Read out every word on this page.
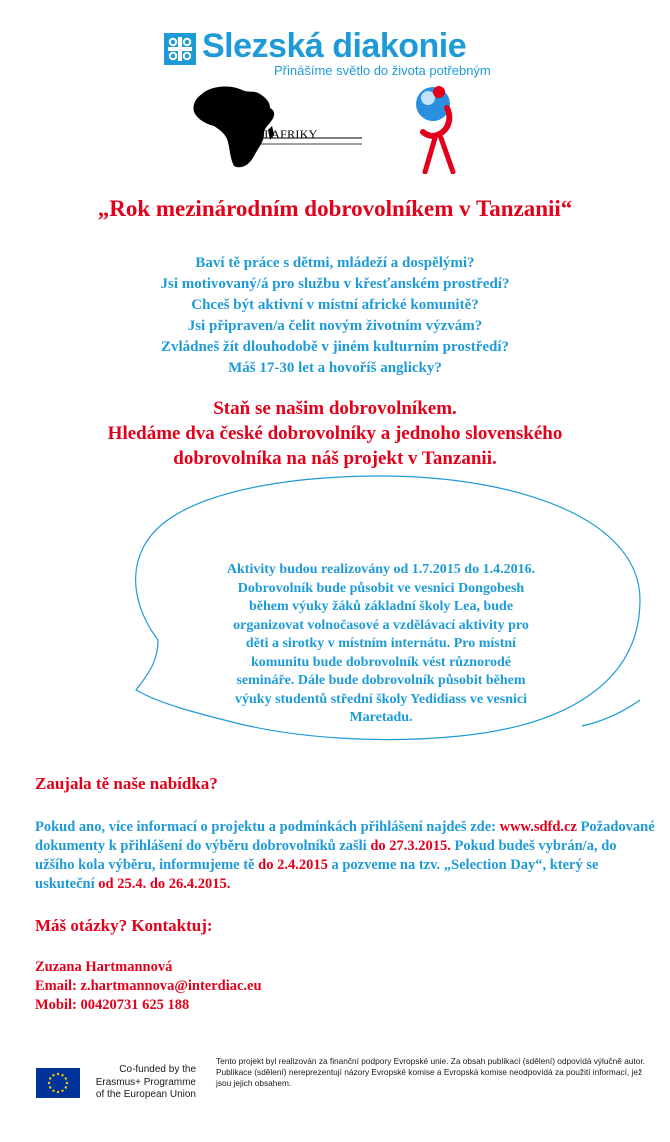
Slezská diakonie
Přinášíme světlo do života potřebným
DĚTI AFRIKY
„Rok mezinárodním dobrovolníkem v Tanzanii“
Baví tě práce s dětmi, mládeží a dospělými?
Jsi motivovaný/á pro službu v křesťanském prostředí?
Chceš být aktivní v místní africké komunitě?
Jsi připraven/a čelit novým životním výzvám?
Zvládneš žít dlouhodobě v jiném kulturním prostředí?
Máš 17-30 let a hovoříš anglicky?
Staň se našim dobrovolníkem.
Hledáme dva české dobrovolníky a jednoho slovenského
dobrovolníka na náš projekt v Tanzanii.
Aktivity budou realizovány od 1.7.2015 do 1.4.2016.
Dobrovolník bude působit ve vesnici Dongobesh
během výuky žáků základní školy Lea, bude
organizovat volnočasové a vzdělávací aktivity pro
děti a sirotky v místním internátu. Pro místní
komunitu bude dobrovolník vést různorodé
semináře. Dále bude dobrovolník působit během
výuky studentů střední školy Yedidiass ve vesnici
Maretadu.
Zaujala tě naše nabídka?
Pokud ano, více informací o projektu a podmínkách přihlášení najdeš zde: www.sdfd.cz Požadované dokumenty k přihlášení do výběru dobrovolníků zašli do 27.3.2015. Pokud budeš vybrán/a, do užšího kola výběru, informujeme tě do 2.4.2015 a pozveme na tzv. „Selection Day“, který se uskuteční od 25.4. do 26.4.2015.
Máš otázky? Kontaktuj:
Zuzana Hartmannová
Email: z.hartmannova@interdiac.eu
Mobil: 00420731 625 188
Co-funded by the
Erasmus+ Programme
of the European Union
Tento projekt byl realizován za finanční podpory Evropské unie. Za obsah publikací (sdělení) odpovídá výlučně autor. Publikace (sdělení) nereprezentují názory Evropské komise a Evropská komise neodpovídá za použití informací, jež jsou jejich obsahem.
